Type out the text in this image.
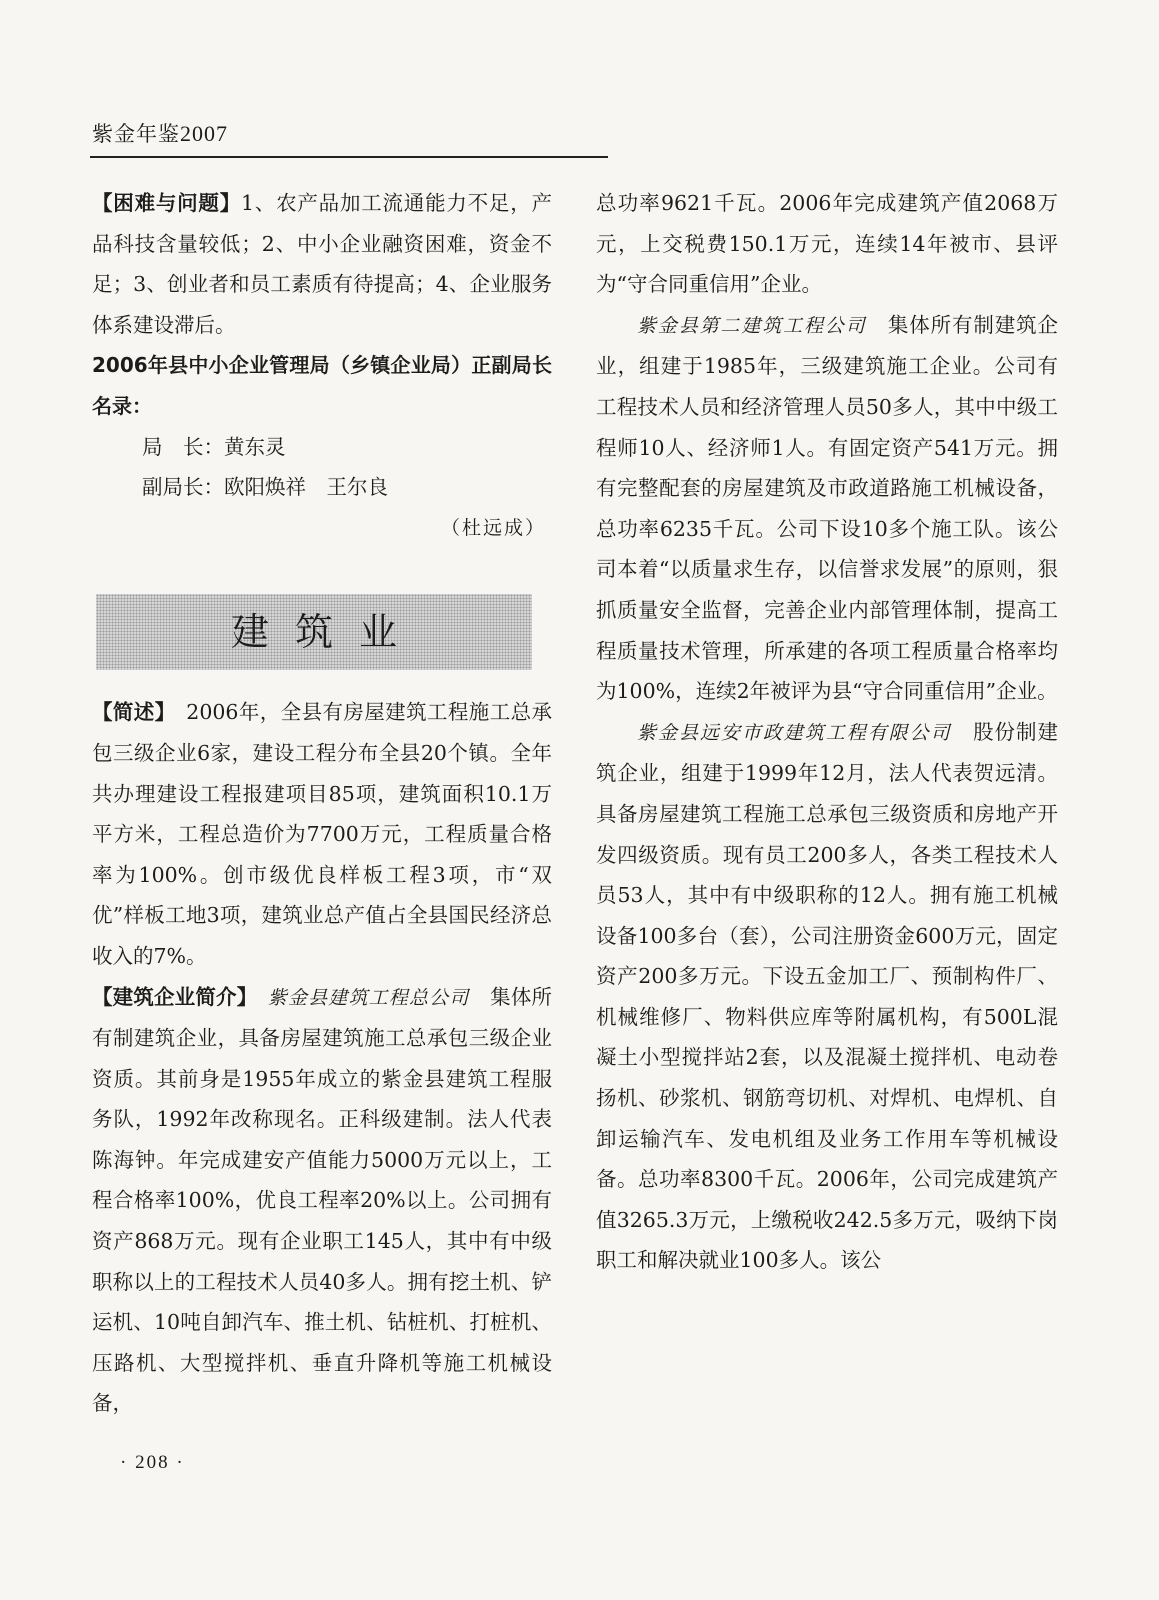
紫金年鉴2007

【困难与问题】1、农产品加工流通能力不足，产品科技含量较低；2、中小企业融资困难，资金不足；3、创业者和员工素质有待提高；4、企业服务体系建设滞后。

2006年县中小企业管理局（乡镇企业局）正副局长名录：

局　长：黄东灵

副局长：欧阳焕祥　王尔良

（杜远成）

建筑业

【简述】　 2006年，全县有房屋建筑工程施工总承包三级企业6家，建设工程分布全县20个镇。全年共办理建设工程报建项目85项，建筑面积10.1万平方米，工程总造价为7700万元，工程质量合格率为100%。创市级优良样板工程3项，市“双优”样板工地3项，建筑业总产值占全县国民经济总收入的7%。

【建筑企业简介】　 紫金县建筑工程总公司　 集体所有制建筑企业，具备房屋建筑施工总承包三级企业资质。其前身是1955年成立的紫金县建筑工程服务队，1992年改称现名。正科级建制。法人代表陈海钟。年完成建安产值能力5000万元以上，工程合格率100%，优良工程率20%以上。公司拥有资产868万元。现有企业职工145人，其中有中级职称以上的工程技术人员40多人。拥有挖土机、铲运机、10吨自卸汽车、推土机、钻桩机、打桩机、压路机、大型搅拌机、垂直升降机等施工机械设备，

总功率9621千瓦。2006年完成建筑产值2068万元，上交税费150.1万元，连续14年被市、县评为“守合同重信用”企业。

紫金县第二建筑工程公司　 集体所有制建筑企业，组建于1985年，三级建筑施工企业。公司有工程技术人员和经济管理人员50多人，其中中级工程师10人、经济师1人。有固定资产541万元。拥有完整配套的房屋建筑及市政道路施工机械设备，总功率6235千瓦。公司下设10多个施工队。该公司本着“以质量求生存，以信誉求发展”的原则，狠抓质量安全监督，完善企业内部管理体制，提高工程质量技术管理，所承建的各项工程质量合格率均为100%，连续2年被评为县“守合同重信用”企业。

紫金县远安市政建筑工程有限公司　 股份制建筑企业，组建于1999年12月，法人代表贺远清。具备房屋建筑工程施工总承包三级资质和房地产开发四级资质。现有员工200多人，各类工程技术人员53人，其中有中级职称的12人。拥有施工机械设备100多台（套），公司注册资金600万元，固定资产200多万元。下设五金加工厂、预制构件厂、机械维修厂、物料供应库等附属机构，有500L混凝土小型搅拌站2套，以及混凝土搅拌机、电动卷扬机、砂浆机、钢筋弯切机、对焊机、电焊机、自卸运输汽车、发电机组及业务工作用车等机械设备。总功率8300千瓦。2006年，公司完成建筑产值3265.3万元，上缴税收242.5多万元，吸纳下岗职工和解决就业100多人。该公

· 208 ·
